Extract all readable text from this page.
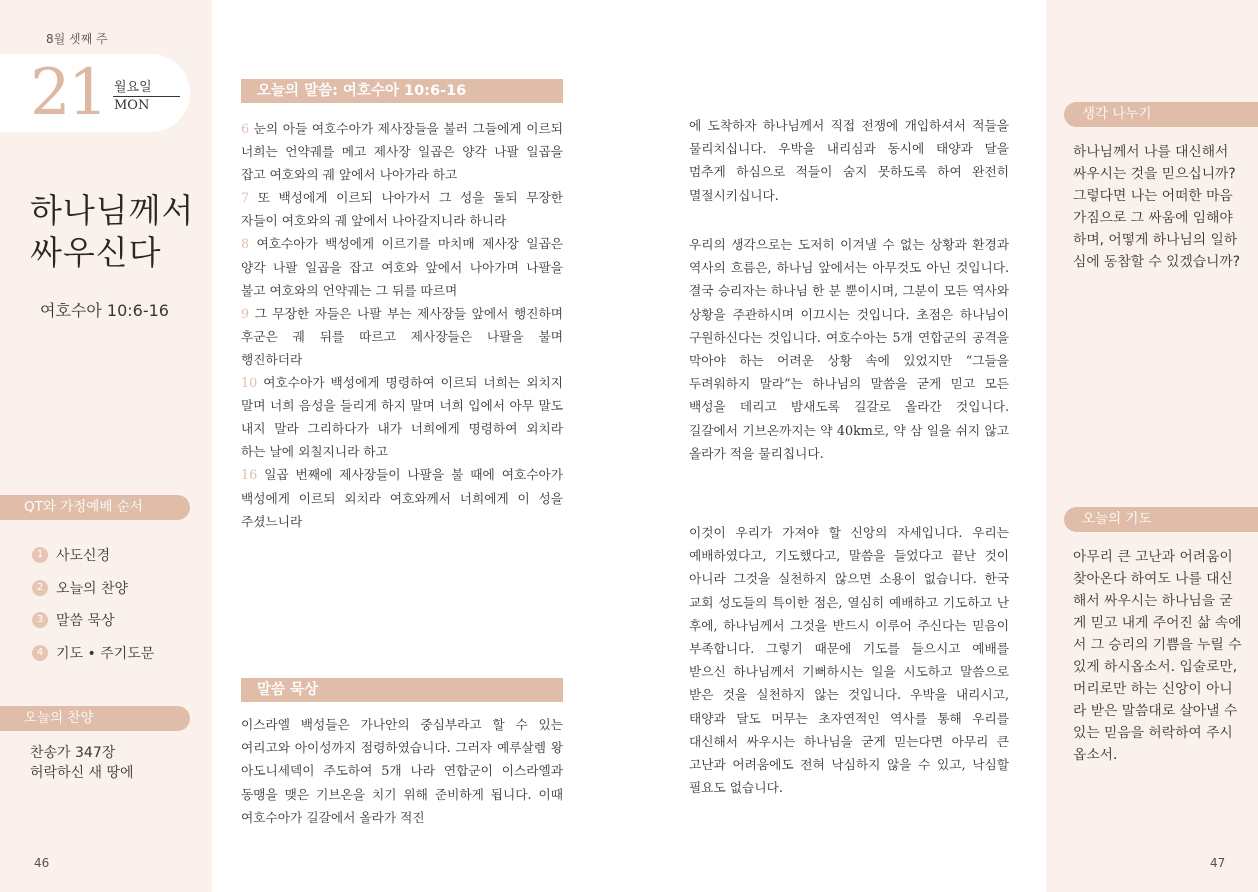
8월 셋째 주
21 월요일
MON
하나님께서
싸우신다
여호수아 10:6-16
QT와 가정예배 순서
1 사도신경
2 오늘의 찬양
3 말씀 묵상
4 기도 • 주기도문
오늘의 찬양
찬송가 347장
허락하신 새 땅에
46
오늘의 말씀: 여호수아 10:6-16
6 눈의 아들 여호수아가 제사장들을 불러 그들에게 이르되 너희는 언약궤를 메고 제사장 일곱은 양각 나팔 일곱을 잡고 여호와의 궤 앞에서 나아가라 하고
7 또 백성에게 이르되 나아가서 그 성을 돌되 무장한 자들이 여호와의 궤 앞에서 나아갈지니라 하니라
8 여호수아가 백성에게 이르기를 마치매 제사장 일곱은 양각 나팔 일곱을 잡고 여호와 앞에서 나아가며 나팔을 불고 여호와의 언약궤는 그 뒤를 따르며
9 그 무장한 자들은 나팔 부는 제사장들 앞에서 행진하며 후군은 궤 뒤를 따르고 제사장들은 나팔을 불며 행진하더라
10 여호수아가 백성에게 명령하여 이르되 너희는 외치지 말며 너희 음성을 들리게 하지 말며 너희 입에서 아무 말도 내지 말라 그리하다가 내가 너희에게 명령하여 외치라 하는 날에 외칠지니라 하고
16 일곱 번째에 제사장들이 나팔을 불 때에 여호수아가 백성에게 이르되 외치라 여호와께서 너희에게 이 성을 주셨느니라
말씀 묵상
이스라엘 백성들은 가나안의 중심부라고 할 수 있는 여리고와 아이성까지 점령하였습니다. 그러자 예루살렘 왕 아도니세덱이 주도하여 5개 나라 연합군이 이스라엘과 동맹을 맺은 기브온을 치기 위해 준비하게 됩니다. 이때 여호수아가 길갈에서 올라가 적진

에 도착하자 하나님께서 직접 전쟁에 개입하셔서 적들을 물리치십니다. 우박을 내리심과 동시에 태양과 달을 멈추게 하심으로 적들이 숨지 못하도록 하여 완전히 멸절시키십니다.

우리의 생각으로는 도저히 이겨낼 수 없는 상황과 환경과 역사의 흐름은, 하나님 앞에서는 아무것도 아닌 것입니다. 결국 승리자는 하나님 한 분 뿐이시며, 그분이 모든 역사와 상황을 주관하시며 이끄시는 것입니다. 초점은 하나님이 구원하신다는 것입니다. 여호수아는 5개 연합군의 공격을 막아야 하는 어려운 상황 속에 있었지만 “그들을 두려워하지 말라”는 하나님의 말씀을 굳게 믿고 모든 백성을 데리고 밤새도록 길갈로 올라간 것입니다. 길갈에서 기브온까지는 약 40km로, 약 삼 일을 쉬지 않고 올라가 적을 물리칩니다.

이것이 우리가 가져야 할 신앙의 자세입니다. 우리는 예배하였다고, 기도했다고, 말씀을 들었다고 끝난 것이 아니라 그것을 실천하지 않으면 소용이 없습니다. 한국 교회 성도들의 특이한 점은, 열심히 예배하고 기도하고 난 후에, 하나님께서 그것을 반드시 이루어 주신다는 믿음이 부족합니다. 그렇기 때문에 기도를 들으시고 예배를 받으신 하나님께서 기뻐하시는 일을 시도하고 말씀으로 받은 것을 실천하지 않는 것입니다. 우박을 내리시고, 태양과 달도 머무는 초자연적인 역사를 통해 우리를 대신해서 싸우시는 하나님을 굳게 믿는다면 아무리 큰 고난과 어려움에도 전혀 낙심하지 않을 수 있고, 낙심할 필요도 없습니다.

생각 나누기
하나님께서 나를 대신해서 싸우시는 것을 믿으십니까? 그렇다면 나는 어떠한 마음가짐으로 그 싸움에 임해야 하며, 어떻게 하나님의 일하심에 동참할 수 있겠습니까?
오늘의 기도
아무리 큰 고난과 어려움이 찾아온다 하여도 나를 대신해서 싸우시는 하나님을 굳게 믿고 내게 주어진 삶 속에서 그 승리의 기쁨을 누릴 수 있게 하시옵소서. 입술로만, 머리로만 하는 신앙이 아니라 받은 말씀대로 살아낼 수 있는 믿음을 허락하여 주시옵소서.
47
